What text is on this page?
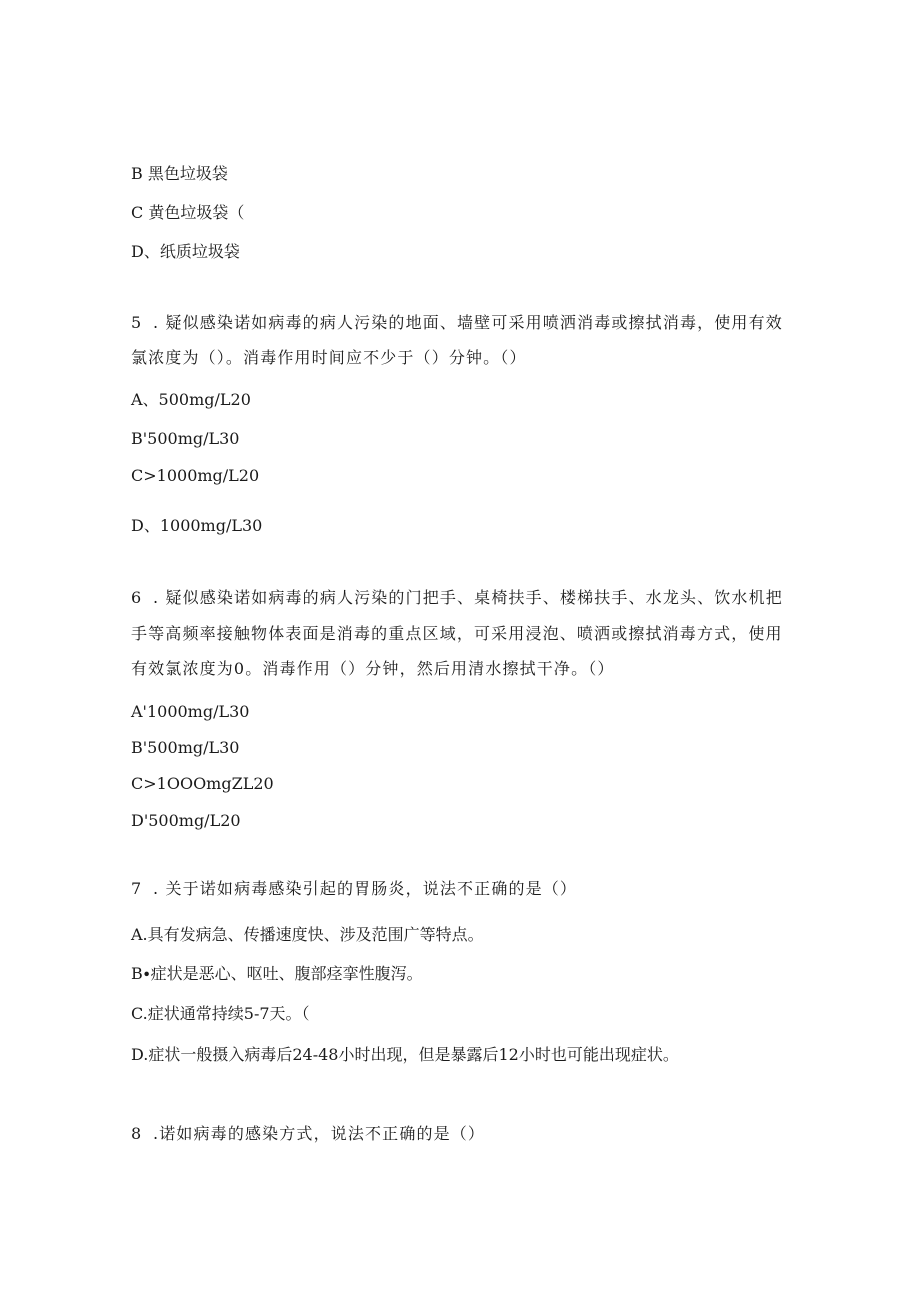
B 黑色垃圾袋
C 黄色垃圾袋（
D、纸质垃圾袋
5 . 疑似感染诺如病毒的病人污染的地面、墙壁可采用喷洒消毒或擦拭消毒，使用有效
氯浓度为（）。消毒作用时间应不少于（）分钟。（）
A、500mg∕L20
B'500mg∕L30
C>1000mg∕L20
D、1000mg∕L30
6 . 疑似感染诺如病毒的病人污染的门把手、桌椅扶手、楼梯扶手、水龙头、饮水机把
手等高频率接触物体表面是消毒的重点区域，可采用浸泡、喷洒或擦拭消毒方式，使用
有效氯浓度为0。消毒作用（）分钟，然后用清水擦拭干净。（）
A'1000mg∕L30
B'500mg∕L30
C>1OOOmgZL20
D'500mg∕L20
7 . 关于诺如病毒感染引起的胃肠炎，说法不正确的是（）
A.具有发病急、传播速度快、涉及范围广等特点。
B∙症状是恶心、呕吐、腹部痉挛性腹泻。
C.症状通常持续5-7天。（
D.症状一般摄入病毒后24-48小时出现，但是暴露后12小时也可能出现症状。
8 .诺如病毒的感染方式，说法不正确的是（）
